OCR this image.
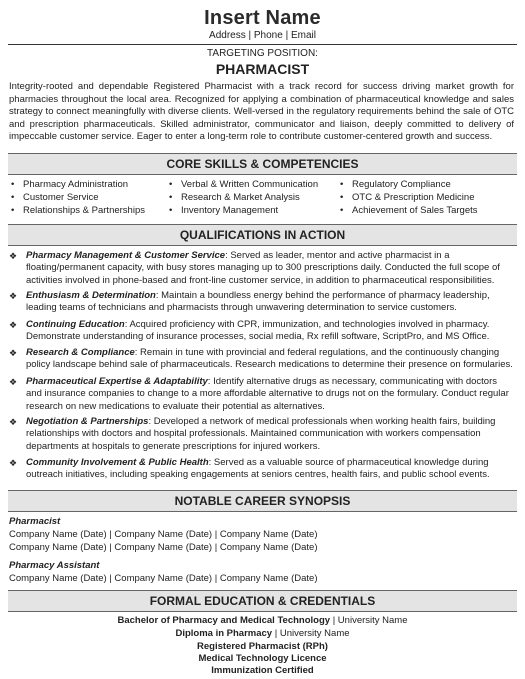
Insert Name
Address | Phone | Email
TARGETING POSITION:
PHARMACIST
Integrity-rooted and dependable Registered Pharmacist with a track record for success driving market growth for pharmacies throughout the local area. Recognized for applying a combination of pharmaceutical knowledge and sales strategy to connect meaningfully with diverse clients. Well-versed in the regulatory requirements behind the sale of OTC and prescription pharmaceuticals. Skilled administrator, communicator and liaison, deeply committed to delivery of impeccable customer service. Eager to enter a long-term role to contribute customer-centered growth and success.
CORE SKILLS & COMPETENCIES
• Pharmacy Administration
• Customer Service
• Relationships & Partnerships
• Verbal & Written Communication
• Research & Market Analysis
• Inventory Management
• Regulatory Compliance
• OTC & Prescription Medicine
• Achievement of Sales Targets
QUALIFICATIONS IN ACTION
❖ Pharmacy Management & Customer Service: Served as leader, mentor and active pharmacist in a floating/permanent capacity, with busy stores managing up to 300 prescriptions daily. Conducted the full scope of activities involved in phone-based and front-line customer service, in addition to pharmaceutical responsibilities.
❖ Enthusiasm & Determination: Maintain a boundless energy behind the performance of pharmacy leadership, leading teams of technicians and pharmacists through unwavering determination to service customers.
❖ Continuing Education: Acquired proficiency with CPR, immunization, and technologies involved in pharmacy. Demonstrate understanding of insurance processes, social media, Rx refill software, ScriptPro, and MS Office.
❖ Research & Compliance: Remain in tune with provincial and federal regulations, and the continuously changing policy landscape behind sale of pharmaceuticals. Research medications to determine their presence on formularies.
❖ Pharmaceutical Expertise & Adaptability: Identify alternative drugs as necessary, communicating with doctors and insurance companies to change to a more affordable alternative to drugs not on the formulary. Conduct regular research on new medications to evaluate their potential as alternatives.
❖ Negotiation & Partnerships: Developed a network of medical professionals when working health fairs, building relationships with doctors and hospital professionals. Maintained communication with workers compensation departments at hospitals to generate prescriptions for injured workers.
❖ Community Involvement & Public Health: Served as a valuable source of pharmaceutical knowledge during outreach initiatives, including speaking engagements at seniors centres, health fairs, and public school events.
NOTABLE CAREER SYNOPSIS
Pharmacist
Company Name (Date) | Company Name (Date) | Company Name (Date)
Company Name (Date) | Company Name (Date) | Company Name (Date)
Pharmacy Assistant
Company Name (Date) | Company Name (Date) | Company Name (Date)
FORMAL EDUCATION & CREDENTIALS
Bachelor of Pharmacy and Medical Technology | University Name
Diploma in Pharmacy | University Name
Registered Pharmacist (RPh)
Medical Technology Licence
Immunization Certified
